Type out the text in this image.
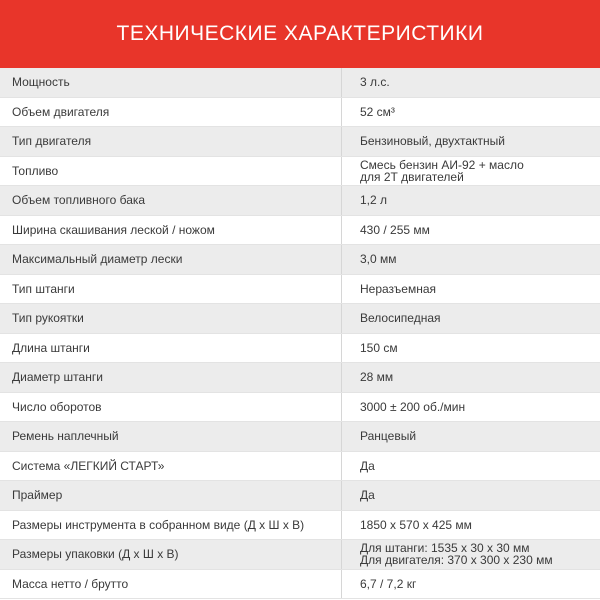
ТЕХНИЧЕСКИЕ ХАРАКТЕРИСТИКИ
Мощность	3 л.с.
Объем двигателя	52 см³
Тип двигателя	Бензиновый, двухтактный
Топливо	Смесь бензин АИ-92 + масло
для 2Т двигателей
Объем топливного бака	1,2 л
Ширина скашивания леской / ножом	430 / 255 мм
Максимальный диаметр лески	3,0 мм
Тип штанги	Неразъемная
Тип рукоятки	Велосипедная
Длина штанги	150 см
Диаметр штанги	28 мм
Число оборотов	3000 ± 200 об./мин
Ремень наплечный	Ранцевый
Система «ЛЕГКИЙ СТАРТ»	Да
Праймер	Да
Размеры инструмента в собранном виде (Д х Ш х В)	1850 х 570 х 425 мм
Размеры упаковки (Д х Ш х В)	Для штанги: 1535 х 30 х 30 мм
Для двигателя: 370 х 300 х 230 мм
Масса нетто / брутто	6,7 / 7,2 кг
